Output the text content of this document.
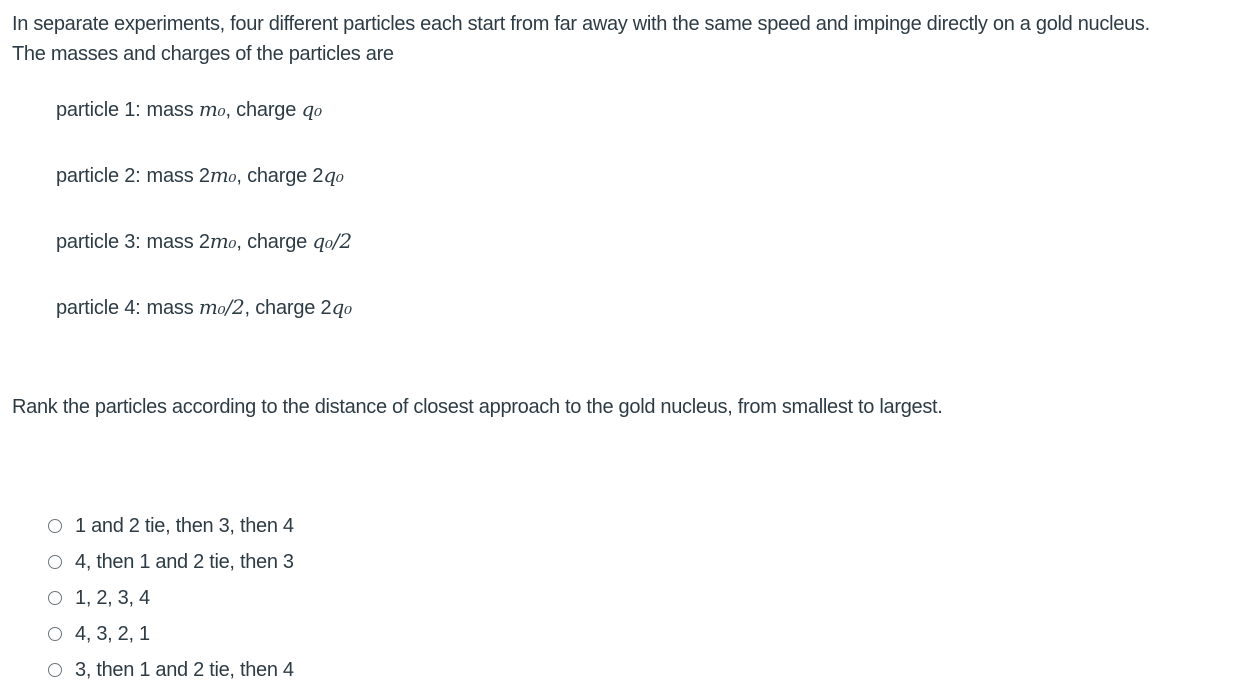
In separate experiments, four different particles each start from far away with the same speed and impinge directly on a gold nucleus.
The masses and charges of the particles are
particle 1: mass m₀, charge q₀
particle 2: mass 2m₀, charge 2q₀
particle 3: mass 2m₀, charge q₀/2
particle 4: mass m₀/2, charge 2q₀

Rank the particles according to the distance of closest approach to the gold nucleus, from smallest to largest.

1 and 2 tie, then 3, then 4
4, then 1 and 2 tie, then 3
1, 2, 3, 4
4, 3, 2, 1
3, then 1 and 2 tie, then 4
